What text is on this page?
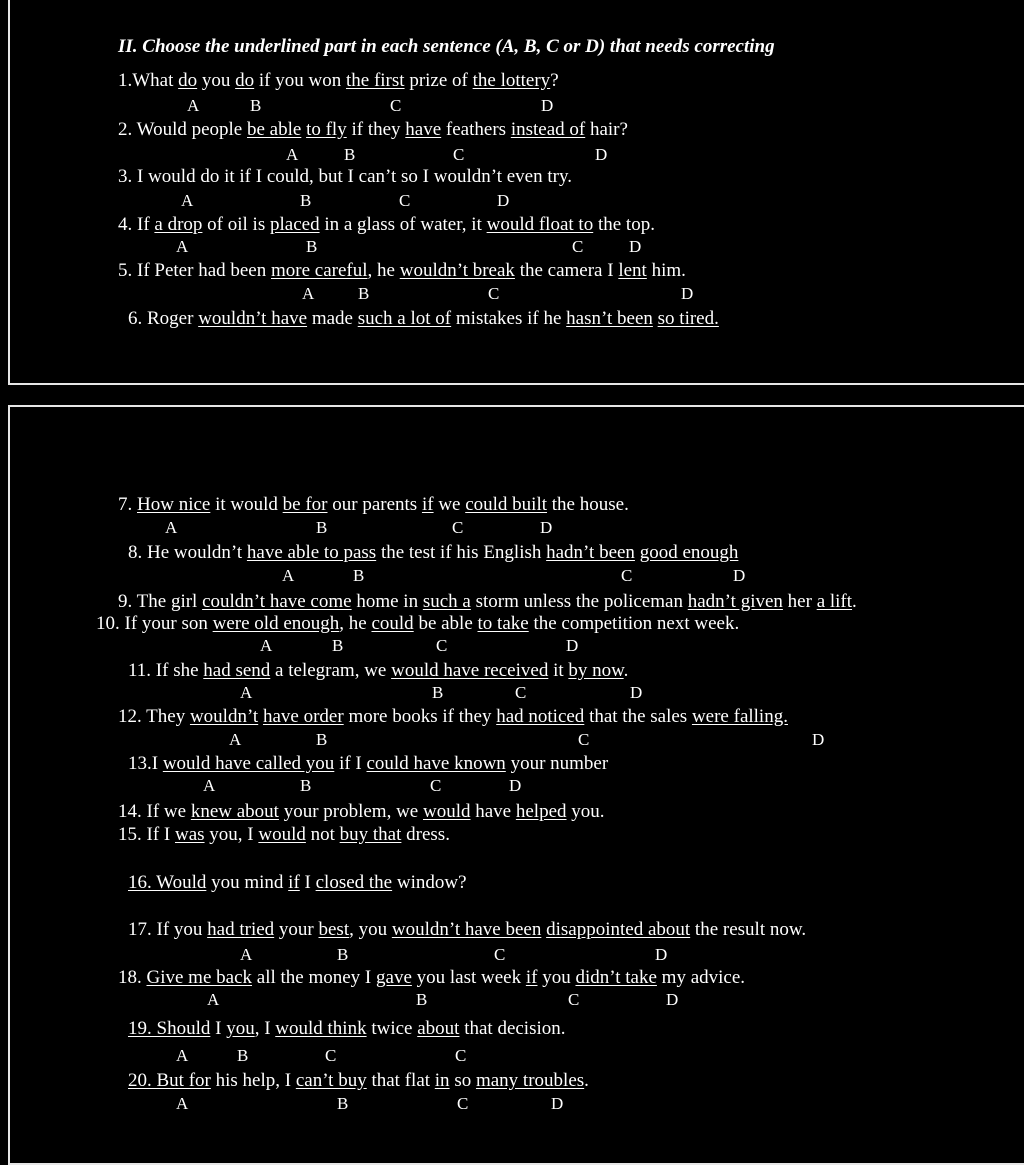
II. Choose the underlined part in each sentence (A, B, C or D) that needs correcting
1.What do you do if you won the first prize of the lottery?
A	B	C	D
2. Would people be able to fly if they have feathers instead of hair?
A	B	C	D
3. I would do it if I could, but I can’t so I wouldn’t even try.
A	B	C	D
4. If a drop of oil is placed in a glass of water, it would float to the top.
A	B	C	D
5. If Peter had been more careful, he wouldn’t break the camera I lent him.
A	B	C	D
6. Roger wouldn’t have made such a lot of mistakes if he hasn’t been so tired.
7. How nice it would be for our parents if we could built the house.
A	B	C	D
8. He wouldn’t have able to pass the test if his English hadn’t been good enough
A	B	C	D
9. The girl couldn’t have come home in such a storm unless the policeman hadn’t given her a lift.
10. If your son were old enough, he could be able to take the competition next week.
A	B	C	D
11. If she had send a telegram, we would have received it by now.
A	B	C	D
12. They wouldn’t have order more books if they had noticed that the sales were falling.
A	B	C	D
13.I would have called you if I could have known your number
A	B	C	D
14. If we knew about your problem, we would have helped you.
15. If I was you, I would not buy that dress.
16. Would you mind if I closed the window?
17. If you had tried your best, you wouldn’t have been disappointed about the result now.
A	B	C	D
18. Give me back all the money I gave you last week if you didn’t take my advice.
A	B	C	D
19. Should I you, I would think twice about that decision.
A	B	C	C
20. But for his help, I can’t buy that flat in so many troubles.
A	B	C	D
